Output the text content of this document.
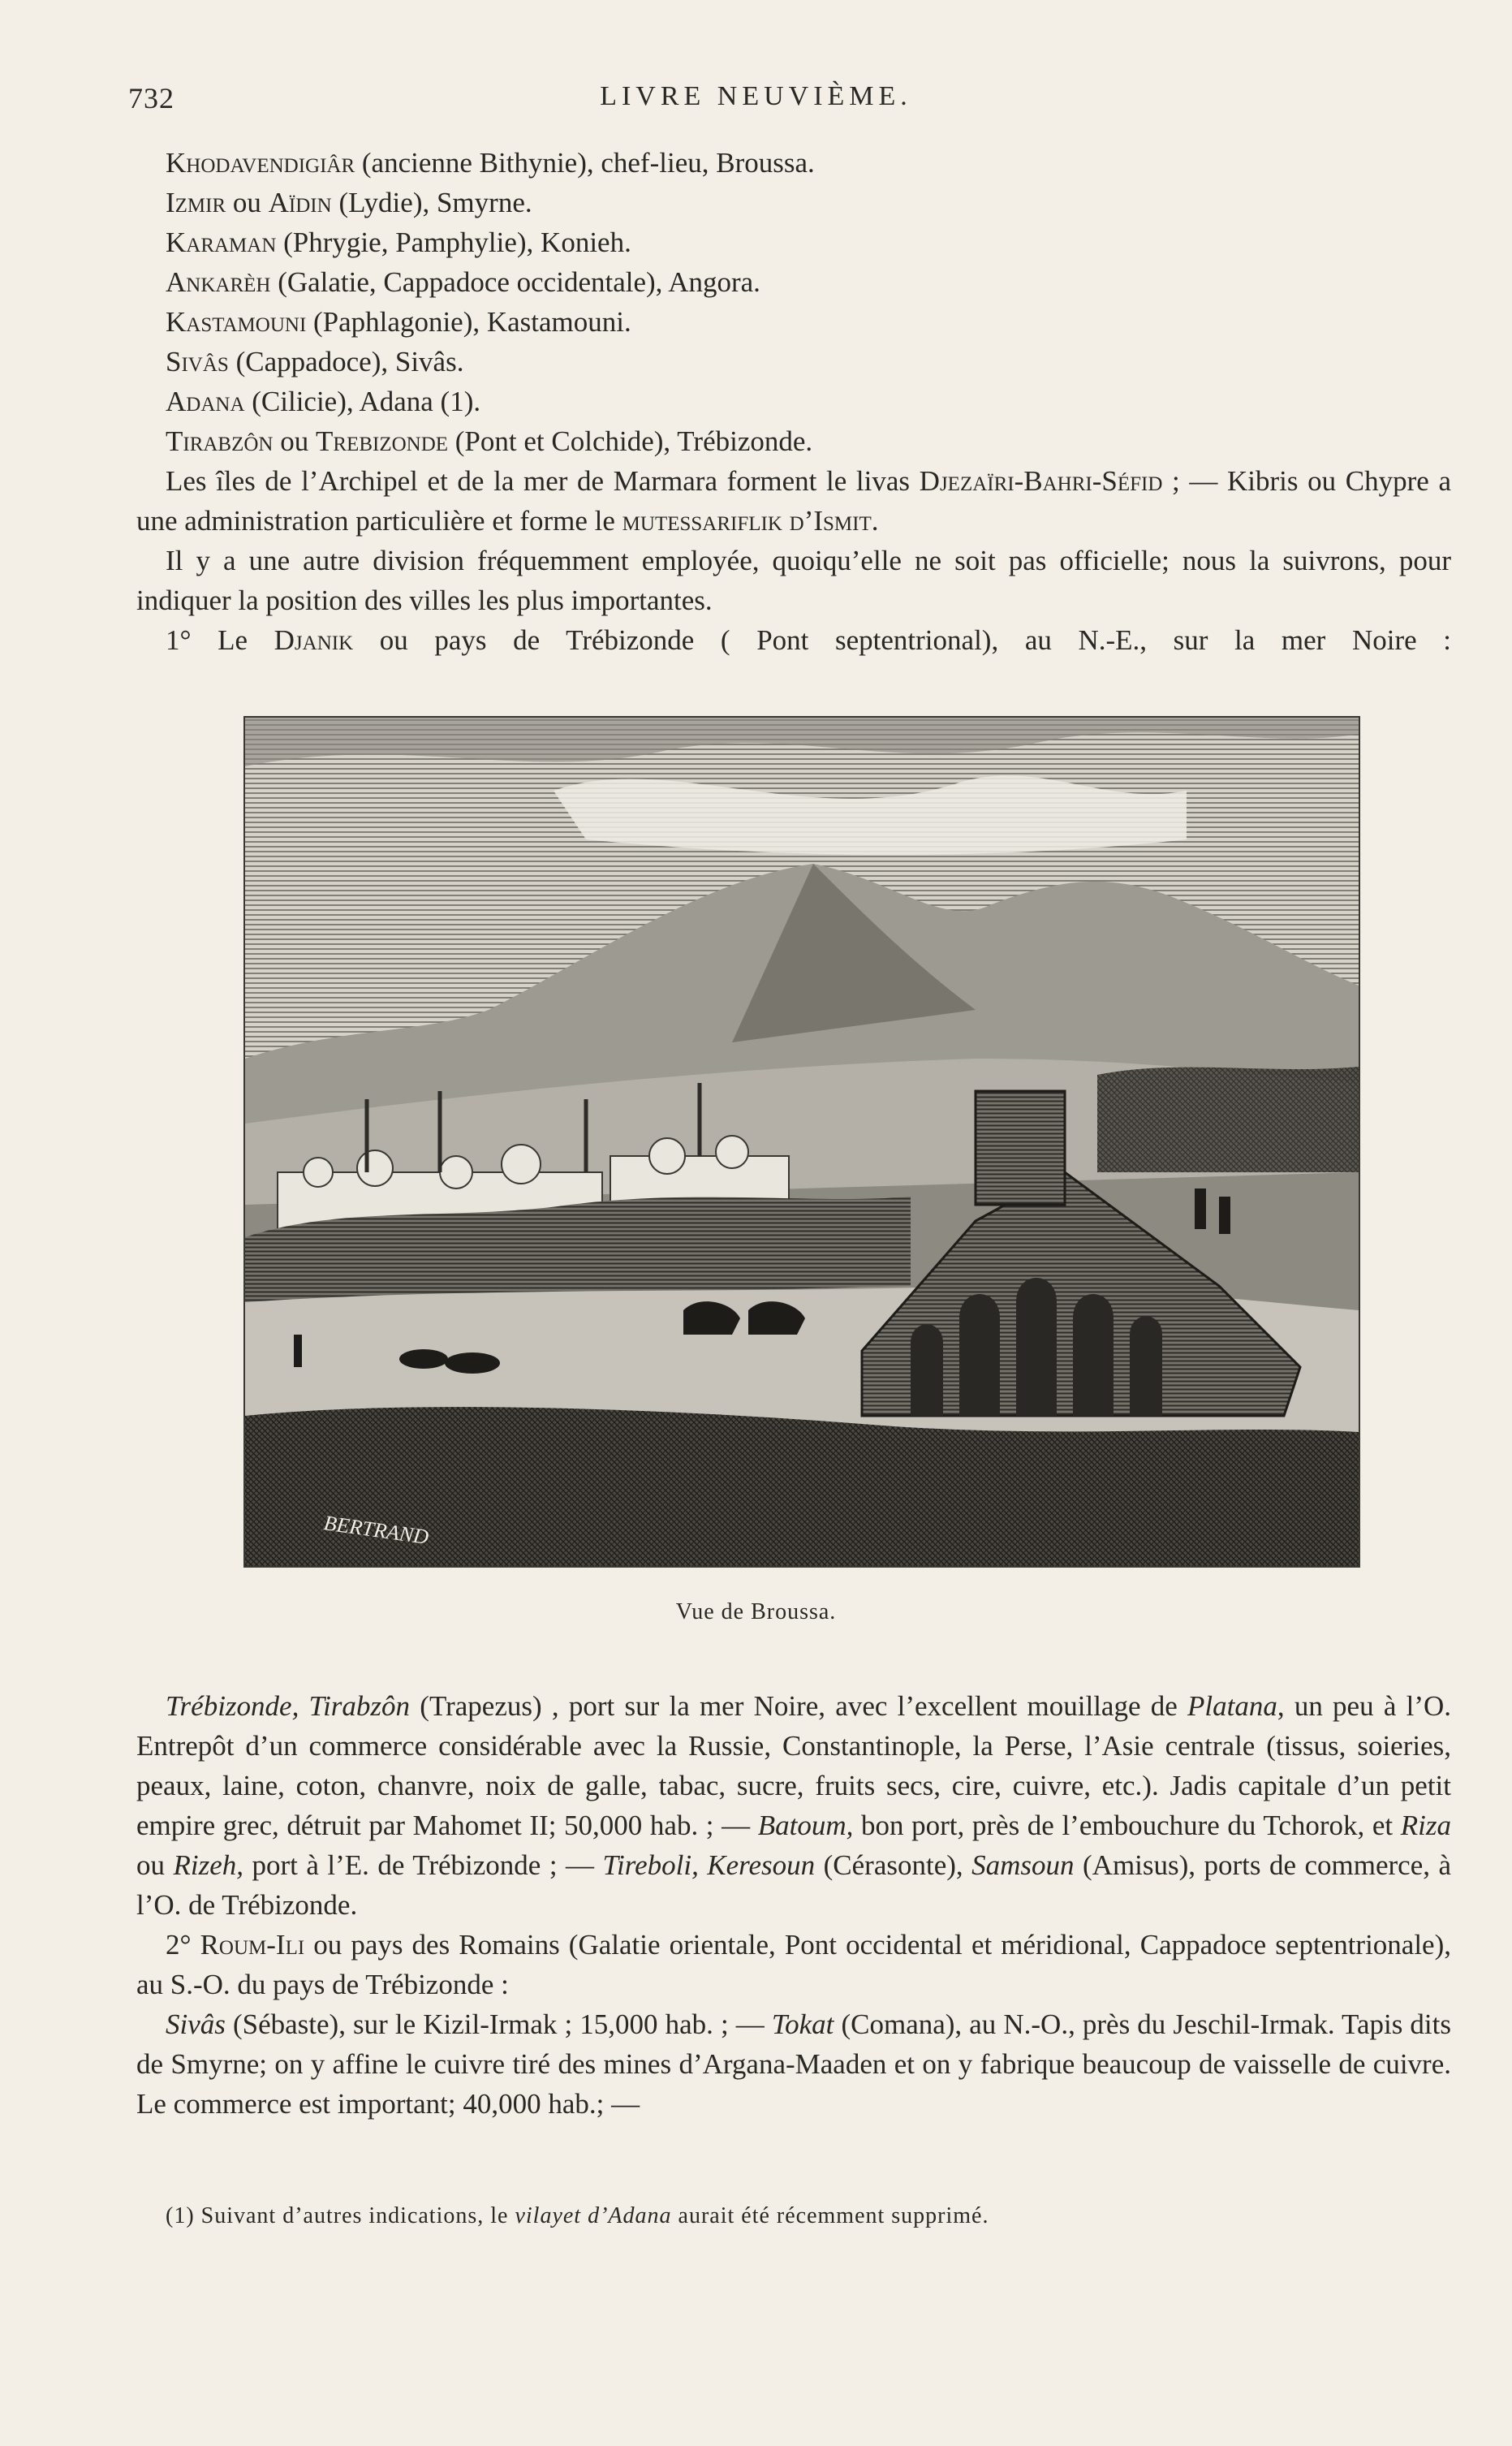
732	LIVRE NEUVIÈME.

Khodavendigiâr (ancienne Bithynie), chef-lieu, Broussa.

Izmir ou Aïdin (Lydie), Smyrne.

Karaman (Phrygie, Pamphylie), Konieh.

Ankarèh (Galatie, Cappadoce occidentale), Angora.

Kastamouni (Paphlagonie), Kastamouni.

Sivâs (Cappadoce), Sivâs.

Adana (Cilicie), Adana (1).

Tirabzôn ou Trebizonde (Pont et Colchide), Trébizonde.

Les îles de l’Archipel et de la mer de Marmara forment le livas Djezaïri-Bahri-Séfid ; — Kibris ou Chypre a une administration particulière et forme le mutessariflik d’Ismit.

Il y a une autre division fréquemment employée, quoiqu’elle ne soit pas officielle; nous la suivrons, pour indiquer la position des villes les plus importantes.

1° Le Djanik ou pays de Trébizonde ( Pont septentrional), au N.-E., sur la mer Noire :

BERTRAND
Vue de Broussa.

Trébizonde, Tirabzôn (Trapezus) , port sur la mer Noire, avec l’excellent mouillage de Platana, un peu à l’O. Entrepôt d’un commerce considérable avec la Russie, Constantinople, la Perse, l’Asie centrale (tissus, soieries, peaux, laine, coton, chanvre, noix de galle, tabac, sucre, fruits secs, cire, cuivre, etc.). Jadis capitale d’un petit empire grec, détruit par Mahomet II; 50,000 hab. ; — Batoum, bon port, près de l’embouchure du Tchorok, et Riza ou Rizeh, port à l’E. de Trébizonde ; — Tireboli, Keresoun (Cérasonte), Samsoun (Amisus), ports de commerce, à l’O. de Trébizonde.

2° Roum-Ili ou pays des Romains (Galatie orientale, Pont occidental et méridional, Cappadoce septentrionale), au S.-O. du pays de Trébizonde :

Sivâs (Sébaste), sur le Kizil-Irmak ; 15,000 hab. ; — Tokat (Comana), au N.-O., près du Jeschil-Irmak. Tapis dits de Smyrne; on y affine le cuivre tiré des mines d’Argana-Maaden et on y fabrique beaucoup de vaisselle de cuivre. Le commerce est important; 40,000 hab.; —

(1) Suivant d’autres indications, le vilayet d’Adana aurait été récemment supprimé.
